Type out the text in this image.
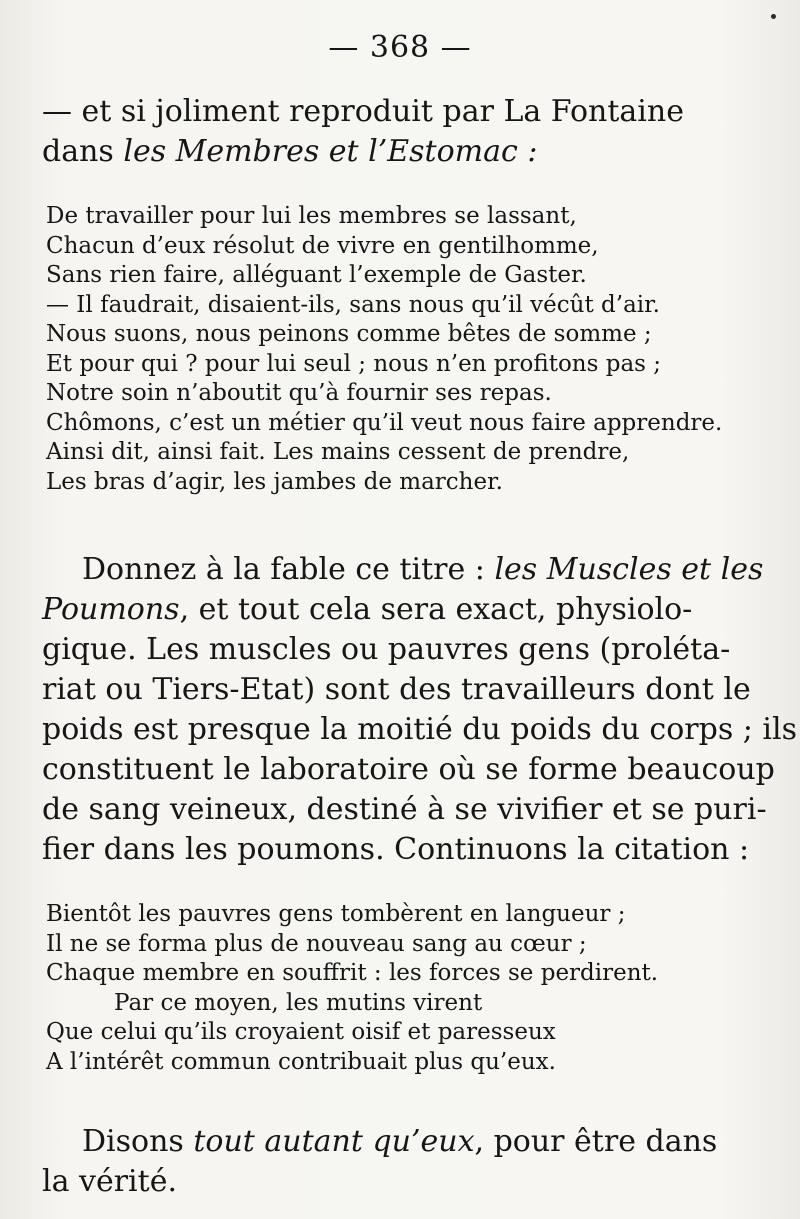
— 368 —

— et si joliment reproduit par La Fontaine
dans les Membres et l’Estomac :

De travailler pour lui les membres se lassant,
Chacun d’eux résolut de vivre en gentilhomme,
Sans rien faire, alléguant l’exemple de Gaster.
— Il faudrait, disaient-ils, sans nous qu’il vécût d’air.
Nous suons, nous peinons comme bêtes de somme ;
Et pour qui ? pour lui seul ; nous n’en profitons pas ;
Notre soin n’aboutit qu’à fournir ses repas.
Chômons, c’est un métier qu’il veut nous faire apprendre.
Ainsi dit, ainsi fait. Les mains cessent de prendre,
Les bras d’agir, les jambes de marcher.

Donnez à la fable ce titre : les Muscles et les
Poumons, et tout cela sera exact, physiolo-
gique. Les muscles ou pauvres gens (prolétа-
riat ou Tiers-Etat) sont des travailleurs dont le
poids est presque la moitié du poids du corps ; ils
constituent le laboratoire où se forme beaucoup
de sang veineux, destiné à se vivifier et se puri-
fier dans les poumons. Continuons la citation :

Bientôt les pauvres gens tombèrent en langueur ;
Il ne se forma plus de nouveau sang au cœur ;
Chaque membre en souffrit : les forces se perdirent.
Par ce moyen, les mutins virent
Que celui qu’ils croyaient oisif et paresseux
A l’intérêt commun contribuait plus qu’eux.

Disons tout autant qu’eux, pour être dans
la vérité.
